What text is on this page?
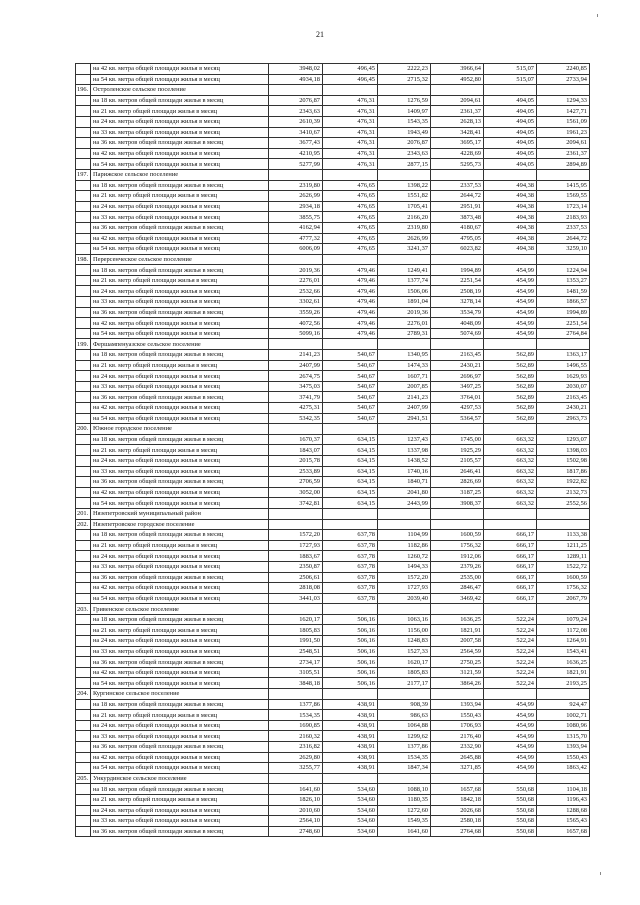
21
	на 42 кв. метра общей площади жилья в месяц	3948,02	496,45	2222,23	3966,64	515,07	2240,85
	на 54 кв. метра общей площади жилья в месяц	4934,18	496,45	2715,32	4952,80	515,07	2733,94
196.	Остроленское сельское поселение						
	на 18 кв. метров общей площади жилья в месяц	2076,87	476,31	1276,59	2094,61	494,05	1294,33
	на 21 кв. метр общей площади жилья в месяц	2343,63	476,31	1409,97	2361,37	494,05	1427,71
	на 24 кв. метра общей площади жилья в месяц	2610,39	476,31	1543,35	2628,13	494,05	1561,09
	на 33 кв. метра общей площади жилья в месяц	3410,67	476,31	1943,49	3428,41	494,05	1961,23
	на 36 кв. метров общей площади жилья в месяц	3677,43	476,31	2076,87	3695,17	494,05	2094,61
	на 42 кв. метра общей площади жилья в месяц	4210,95	476,31	2343,63	4228,69	494,05	2361,37
	на 54 кв. метра общей площади жилья в месяц	5277,99	476,31	2877,15	5295,73	494,05	2894,89
197.	Парижское сельское поселение						
	на 18 кв. метров общей площади жилья в месяц	2319,80	476,65	1398,22	2337,53	494,38	1415,95
	на 21 кв. метр общей площади жилья в месяц	2626,99	476,65	1551,82	2644,72	494,38	1569,55
	на 24 кв. метра общей площади жилья в месяц	2934,18	476,65	1705,41	2951,91	494,38	1723,14
	на 33 кв. метра общей площади жилья в месяц	3855,75	476,65	2166,20	3873,48	494,38	2183,93
	на 36 кв. метров общей площади жилья в месяц	4162,94	476,65	2319,80	4180,67	494,38	2337,53
	на 42 кв. метра общей площади жилья в месяц	4777,32	476,65	2626,99	4795,05	494,38	2644,72
	на 54 кв. метра общей площади жилья в месяц	6006,09	476,65	3241,37	6023,82	494,38	3259,10
198.	Перерсенческое сельское поселение						
	на 18 кв. метров общей площади жилья в месяц	2019,36	479,46	1249,41	1994,89	454,99	1224,94
	на 21 кв. метр общей площади жилья в месяц	2276,01	479,46	1377,74	2251,54	454,99	1353,27
	на 24 кв. метра общей площади жилья в месяц	2532,66	479,46	1506,06	2508,19	454,99	1481,59
	на 33 кв. метра общей площади жилья в месяц	3302,61	479,46	1891,04	3278,14	454,99	1866,57
	на 36 кв. метров общей площади жилья в месяц	3559,26	479,46	2019,36	3534,79	454,99	1994,89
	на 42 кв. метра общей площади жилья в месяц	4072,56	479,46	2276,01	4048,09	454,99	2251,54
	на 54 кв. метра общей площади жилья в месяц	5099,16	479,46	2789,31	5074,69	454,99	2764,84
199.	Фершампенуазское сельское поселение						
	на 18 кв. метров общей площади жилья в месяц	2141,23	540,67	1340,95	2163,45	562,89	1363,17
	на 21 кв. метр общей площади жилья в месяц	2407,99	540,67	1474,33	2430,21	562,89	1496,55
	на 24 кв. метра общей площади жилья в месяц	2674,75	540,67	1607,71	2696,97	562,89	1629,93
	на 33 кв. метра общей площади жилья в месяц	3475,03	540,67	2007,85	3497,25	562,89	2030,07
	на 36 кв. метров общей площади жилья в месяц	3741,79	540,67	2141,23	3764,01	562,89	2163,45
	на 42 кв. метра общей площади жилья в месяц	4275,31	540,67	2407,99	4297,53	562,89	2430,21
	на 54 кв. метра общей площади жилья в месяц	5342,35	540,67	2941,51	5364,57	562,89	2963,73
200.	Южное городское поселение						
	на 18 кв. метров общей площади жилья в месяц	1670,37	634,15	1237,43	1745,00	663,32	1293,07
	на 21 кв. метр общей площади жилья в месяц	1843,07	634,15	1337,98	1925,29	663,32	1398,03
	на 24 кв. метра общей площади жилья в месяц	2015,78	634,15	1438,52	2105,57	663,32	1502,98
	на 33 кв. метра общей площади жилья в месяц	2533,89	634,15	1740,16	2646,41	663,32	1817,86
	на 36 кв. метров общей площади жилья в месяц	2706,59	634,15	1840,71	2826,69	663,32	1922,82
	на 42 кв. метра общей площади жилья в месяц	3052,00	634,15	2041,80	3187,25	663,32	2132,73
	на 54 кв. метра общей площади жилья в месяц	3742,81	634,15	2443,99	3908,37	663,32	2552,56
201.	Нязепетровский муниципальный район						
202.	Нязепетровское городское поселение						
	на 18 кв. метров общей площади жилья в месяц	1572,20	637,78	1104,99	1600,59	666,17	1133,38
	на 21 кв. метр общей площади жилья в месяц	1727,93	637,78	1182,86	1756,32	666,17	1211,25
	на 24 кв. метра общей площади жилья в месяц	1883,67	637,78	1260,72	1912,06	666,17	1289,11
	на 33 кв. метра общей площади жилья в месяц	2350,87	637,78	1494,33	2379,26	666,17	1522,72
	на 36 кв. метров общей площади жилья в месяц	2506,61	637,78	1572,20	2535,00	666,17	1600,59
	на 42 кв. метра общей площади жилья в месяц	2818,08	637,78	1727,93	2846,47	666,17	1756,32
	на 54 кв. метра общей площади жилья в месяц	3441,03	637,78	2039,40	3469,42	666,17	2067,79
203.	Гривенское сельское поселение						
	на 18 кв. метров общей площади жилья в месяц	1620,17	506,16	1063,16	1636,25	522,24	1079,24
	на 21 кв. метр общей площади жилья в месяц	1805,83	506,16	1156,00	1821,91	522,24	1172,08
	на 24 кв. метра общей площади жилья в месяц	1991,50	506,16	1248,83	2007,58	522,24	1264,91
	на 33 кв. метра общей площади жилья в месяц	2548,51	506,16	1527,33	2564,59	522,24	1543,41
	на 36 кв. метров общей площади жилья в месяц	2734,17	506,16	1620,17	2750,25	522,24	1636,25
	на 42 кв. метра общей площади жилья в месяц	3105,51	506,16	1805,83	3121,59	522,24	1821,91
	на 54 кв. метра общей площади жилья в месяц	3848,18	506,16	2177,17	3864,26	522,24	2193,25
204.	Кургинское сельское поселение						
	на 18 кв. метров общей площади жилья в месяц	1377,86	438,91	908,39	1393,94	454,99	924,47
	на 21 кв. метр общей площади жилья в месяц	1534,35	438,91	986,63	1550,43	454,99	1002,71
	на 24 кв. метра общей площади жилья в месяц	1690,85	438,91	1064,88	1706,93	454,99	1080,96
	на 33 кв. метра общей площади жилья в месяц	2160,32	438,91	1299,62	2176,40	454,99	1315,70
	на 36 кв. метров общей площади жилья в месяц	2316,82	438,91	1377,86	2332,90	454,99	1393,94
	на 42 кв. метра общей площади жилья в месяц	2629,80	438,91	1534,35	2645,88	454,99	1550,43
	на 54 кв. метра общей площади жилья в месяц	3255,77	438,91	1847,34	3271,85	454,99	1863,42
205.	Ункурдинское сельское поселение						
	на 18 кв. метров общей площади жилья в месяц	1641,60	534,60	1088,10	1657,68	550,68	1104,18
	на 21 кв. метр общей площади жилья в месяц	1826,10	534,60	1180,35	1842,18	550,68	1196,43
	на 24 кв. метра общей площади жилья в месяц	2010,60	534,60	1272,60	2026,68	550,68	1288,68
	на 33 кв. метра общей площади жилья в месяц	2564,10	534,60	1549,35	2580,18	550,68	1565,43
	на 36 кв. метров общей площади жилья в месяц	2748,60	534,60	1641,60	2764,68	550,68	1657,68
